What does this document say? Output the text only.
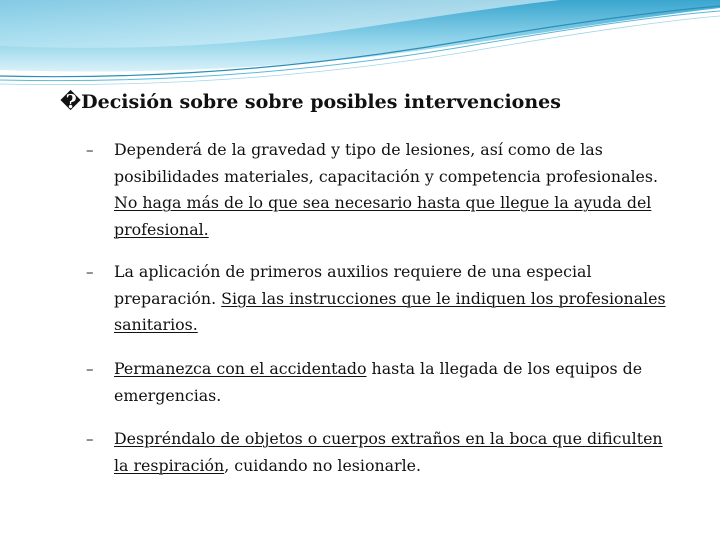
�Decisión sobre sobre posibles intervenciones
– Dependerá de la gravedad y tipo de lesiones, así como de las posibilidades materiales, capacitación y competencia profesionales. No haga más de lo que sea necesario hasta que llegue la ayuda del profesional.

– La aplicación de primeros auxilios requiere de una especial preparación. Siga las instrucciones que le indiquen los profesionales sanitarios.

– Permanezca con el accidentado hasta la llegada de los equipos de emergencias.

– Despréndalo de objetos o cuerpos extraños en la boca que dificulten la respiración, cuidando no lesionarle.
